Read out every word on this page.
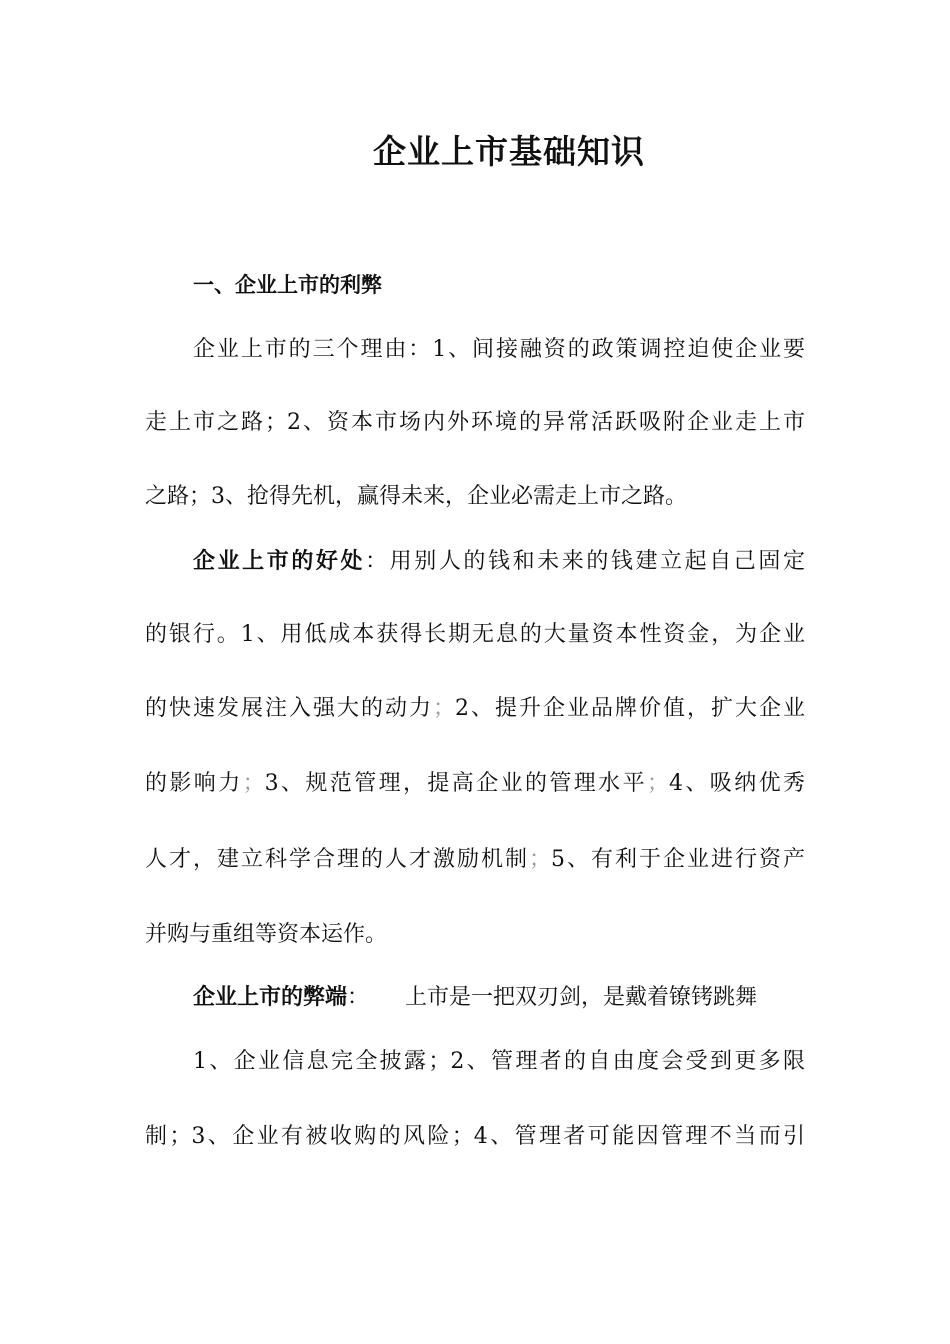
企业上市基础知识
一、企业上市的利弊

企业上市的三个理由：1、间接融资的政策调控迫使企业要

走上市之路；2、资本市场内外环境的异常活跃吸附企业走上市

之路；3、抢得先机，赢得未来，企业必需走上市之路。

企业上市的好处：用别人的钱和未来的钱建立起自己固定

的银行。1、用低成本获得长期无息的大量资本性资金，为企业

的快速发展注入强大的动力；2、提升企业品牌价值，扩大企业

的影响力；3、规范管理，提高企业的管理水平；4、吸纳优秀

人才，建立科学合理的人才激励机制；5、有利于企业进行资产

并购与重组等资本运作。

企业上市的弊端： 上市是一把双刃剑，是戴着镣铐跳舞

1、企业信息完全披露；2、管理者的自由度会受到更多限

制；3、企业有被收购的风险；4、管理者可能因管理不当而引
